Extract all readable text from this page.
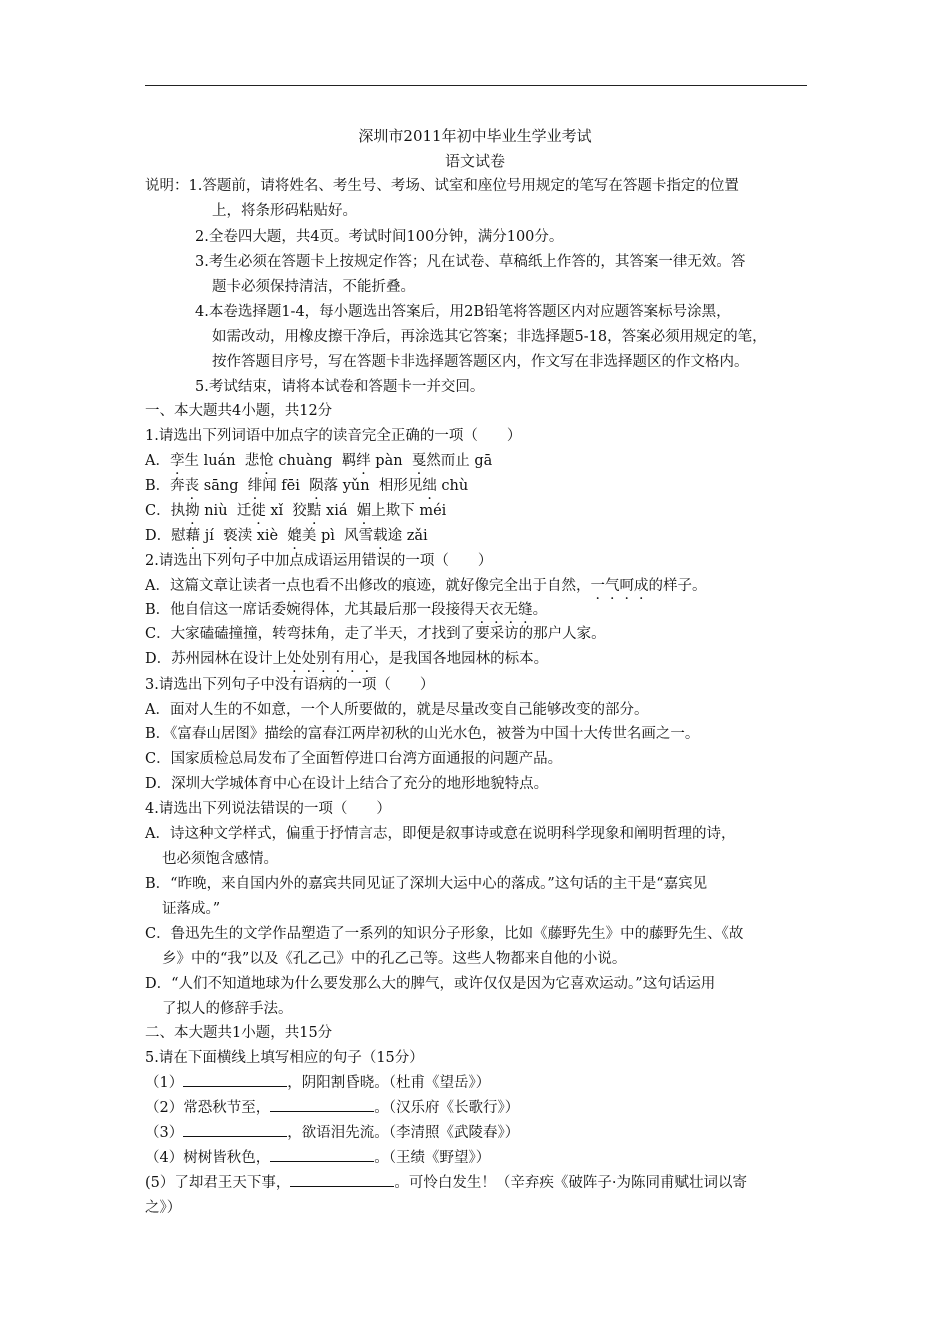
深圳市2011年初中毕业生学业考试
语文试卷
说明：1.答题前，请将姓名、考生号、考场、试室和座位号用规定的笔写在答题卡指定的位置
上，将条形码粘贴好。
2.全卷四大题，共4页。考试时间100分钟，满分100分。
3.考生必须在答题卡上按规定作答；凡在试卷、草稿纸上作答的，其答案一律无效。答
题卡必须保持清洁，不能折叠。
4.本卷选择题1-4，每小题选出答案后，用2B铅笔将答题区内对应题答案标号涂黑，
如需改动，用橡皮擦干净后，再涂选其它答案；非选择题5-18，答案必须用规定的笔，
按作答题目序号，写在答题卡非选择题答题区内，作文写在非选择题区的作文格内。
5.考试结束，请将本试卷和答题卡一并交回。
一、本大题共4小题，共12分
1.请选出下列词语中加点字的读音完全正确的一项（　　）
A．孪生 luán 悲怆 chuàng 羁绊 pàn 戛然而止 gā
B．奔丧 sāng 绯闻 fēi 陨落 yǔn 相形见绌 chù
C．执拗 niù 迁徙 xǐ 狡黠 xiá 媚上欺下 méi
D．慰藉 jí 亵渎 xiè 媲美 pì 风雪载途 zǎi
2.请选出下列句子中加点成语运用错误的一项（　　）
A．这篇文章让读者一点也看不出修改的痕迹，就好像完全出于自然，一气呵成的样子。
B．他自信这一席话委婉得体，尤其最后那一段接得天衣无缝。
C．大家磕磕撞撞，转弯抹角，走了半天，才找到了要采访的那户人家。
D．苏州园林在设计上处处别有用心，是我国各地园林的标本。
3.请选出下列句子中没有语病的一项（　　）
A．面对人生的不如意，一个人所要做的，就是尽量改变自己能够改变的部分。
B．《富春山居图》描绘的富春江两岸初秋的山光水色，被誉为中国十大传世名画之一。
C．国家质检总局发布了全面暂停进口台湾方面通报的问题产品。
D．深圳大学城体育中心在设计上结合了充分的地形地貌特点。
4.请选出下列说法错误的一项（　　）
A．诗这种文学样式，偏重于抒情言志，即便是叙事诗或意在说明科学现象和阐明哲理的诗，
也必须饱含感情。
B．“昨晚，来自国内外的嘉宾共同见证了深圳大运中心的落成。”这句话的主干是“嘉宾见
证落成。”
C．鲁迅先生的文学作品塑造了一系列的知识分子形象，比如《藤野先生》中的藤野先生、《故
乡》中的“我”以及《孔乙己》中的孔乙己等。这些人物都来自他的小说。
D．“人们不知道地球为什么要发那么大的脾气，或许仅仅是因为它喜欢运动。”这句话运用
了拟人的修辞手法。
二、本大题共1小题，共15分
5.请在下面横线上填写相应的句子（15分）
（1）	，阴阳割昏晓。（杜甫《望岳》）
（2）常恐秋节至，	。（汉乐府《长歌行》）
（3）	，欲语泪先流。（李清照《武陵春》）
（4）树树皆秋色，	。（王绩《野望》）
(5）了却君王天下事，	。可怜白发生！（辛弃疾《破阵子·为陈同甫赋壮词以寄
之》）
